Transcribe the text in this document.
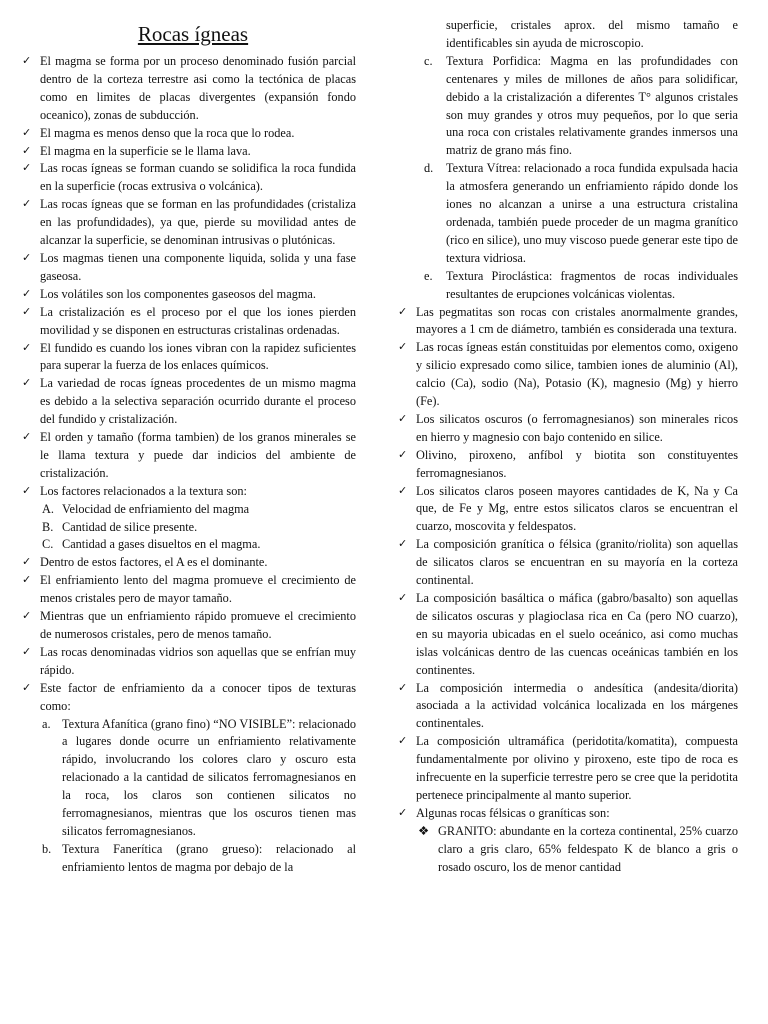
Rocas ígneas
✓ El magma se forma por un proceso denominado fusión parcial dentro de la corteza terrestre asi como la tectónica de placas como en limites de placas divergentes (expansión fondo oceanico), zonas de subducción.
✓ El magma es menos denso que la roca que lo rodea.
✓ El magma en la superficie se le llama lava.
✓ Las rocas ígneas se forman cuando se solidifica la roca fundida en la superficie (rocas extrusiva o volcánica).
✓ Las rocas ígneas que se forman en las profundidades (cristaliza en las profundidades), ya que, pierde su movilidad antes de alcanzar la superficie, se denominan intrusivas o plutónicas.
✓ Los magmas tienen una componente liquida, solida y una fase gaseosa.
✓ Los volátiles son los componentes gaseosos del magma.
✓ La cristalización es el proceso por el que los iones pierden movilidad y se disponen en estructuras cristalinas ordenadas.
✓ El fundido es cuando los iones vibran con la rapidez suficientes para superar la fuerza de los enlaces químicos.
✓ La variedad de rocas ígneas procedentes de un mismo magma es debido a la selectiva separación ocurrido durante el proceso del fundido y cristalización.
✓ El orden y tamaño (forma tambien) de los granos minerales se le llama textura y puede dar indicios del ambiente de cristalización.
✓ Los factores relacionados a la textura son:
A. Velocidad de enfriamiento del magma
B. Cantidad de silice presente.
C. Cantidad a gases disueltos en el magma.
✓ Dentro de estos factores, el A es el dominante.
✓ El enfriamiento lento del magma promueve el crecimiento de menos cristales pero de mayor tamaño.
✓ Mientras que un enfriamiento rápido promueve el crecimiento de numerosos cristales, pero de menos tamaño.
✓ Las rocas denominadas vidrios son aquellas que se enfrían muy rápido.
✓ Este factor de enfriamiento da a conocer tipos de texturas como:
a. Textura Afanítica (grano fino) “NO VISIBLE”: relacionado a lugares donde ocurre un enfriamiento relativamente rápido, involucrando los colores claro y oscuro esta relacionado a la cantidad de silicatos ferromagnesianos en la roca, los claros son contienen silicatos no ferromagnesianos, mientras que los oscuros tienen mas silicatos ferromagnesianos.
b. Textura Fanerítica (grano grueso): relacionado al enfriamiento lentos de magma por debajo de la
superficie, cristales aprox. del mismo tamaño e identificables sin ayuda de microscopio.
c. Textura Porfidica: Magma en las profundidades con centenares y miles de millones de años para solidificar, debido a la cristalización a diferentes T° algunos cristales son muy grandes y otros muy pequeños, por lo que seria una roca con cristales relativamente grandes inmersos una matriz de grano más fino.
d. Textura Vítrea: relacionado a roca fundida expulsada hacia la atmosfera generando un enfriamiento rápido donde los iones no alcanzan a unirse a una estructura cristalina ordenada, también puede proceder de un magma granítico (rico en silice), uno muy viscoso puede generar este tipo de textura vidriosa.
e. Textura Piroclástica: fragmentos de rocas individuales resultantes de erupciones volcánicas violentas.
✓ Las pegmatitas son rocas con cristales anormalmente grandes, mayores a 1 cm de diámetro, también es considerada una textura.
✓ Las rocas ígneas están constituidas por elementos como, oxigeno y silicio expresado como silice, tambien iones de aluminio (Al), calcio (Ca), sodio (Na), Potasio (K), magnesio (Mg) y hierro (Fe).
✓ Los silicatos oscuros (o ferromagnesianos) son minerales ricos en hierro y magnesio con bajo contenido en silice.
✓ Olivino, piroxeno, anfíbol y biotita son constituyentes ferromagnesianos.
✓ Los silicatos claros poseen mayores cantidades de K, Na y Ca que, de Fe y Mg, entre estos silicatos claros se encuentran el cuarzo, moscovita y feldespatos.
✓ La composición granítica o félsica (granito/riolita) son aquellas de silicatos claros se encuentran en su mayoría en la corteza continental.
✓ La composición basáltica o máfica (gabro/basalto) son aquellas de silicatos oscuras y plagioclasa rica en Ca (pero NO cuarzo), en su mayoria ubicadas en el suelo oceánico, asi como muchas islas volcánicas dentro de las cuencas oceánicas también en los continentes.
✓ La composición intermedia o andesítica (andesita/diorita) asociada a la actividad volcánica localizada en los márgenes continentales.
✓ La composición ultramáfica (peridotita/komatita), compuesta fundamentalmente por olivino y piroxeno, este tipo de roca es infrecuente en la superficie terrestre pero se cree que la peridotita pertenece principalmente al manto superior.
✓ Algunas rocas félsicas o graníticas son:
❖ GRANITO: abundante en la corteza continental, 25% cuarzo claro a gris claro, 65% feldespato K de blanco a gris o rosado oscuro, los de menor cantidad
